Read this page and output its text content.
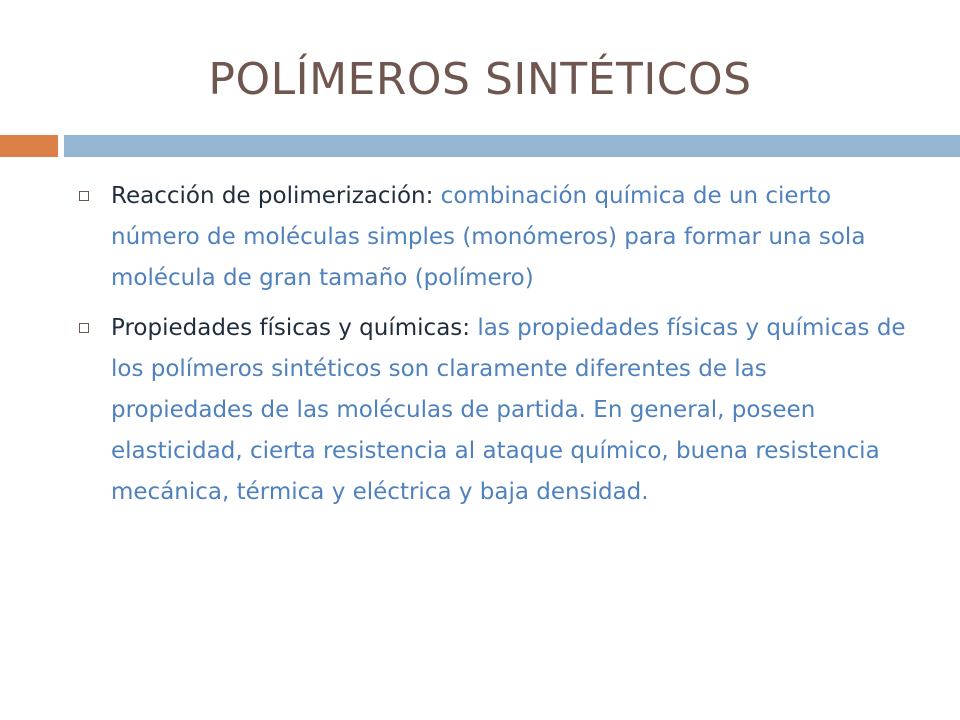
POLÍMEROS SINTÉTICOS
Reacción de polimerización: combinación química de un cierto número de moléculas simples (monómeros) para formar una sola molécula de gran tamaño (polímero)
Propiedades físicas y químicas: las propiedades físicas y químicas de los polímeros sintéticos son claramente diferentes de las propiedades de las moléculas de partida. En general, poseen elasticidad, cierta resistencia al ataque químico, buena resistencia mecánica, térmica y eléctrica y baja densidad.
